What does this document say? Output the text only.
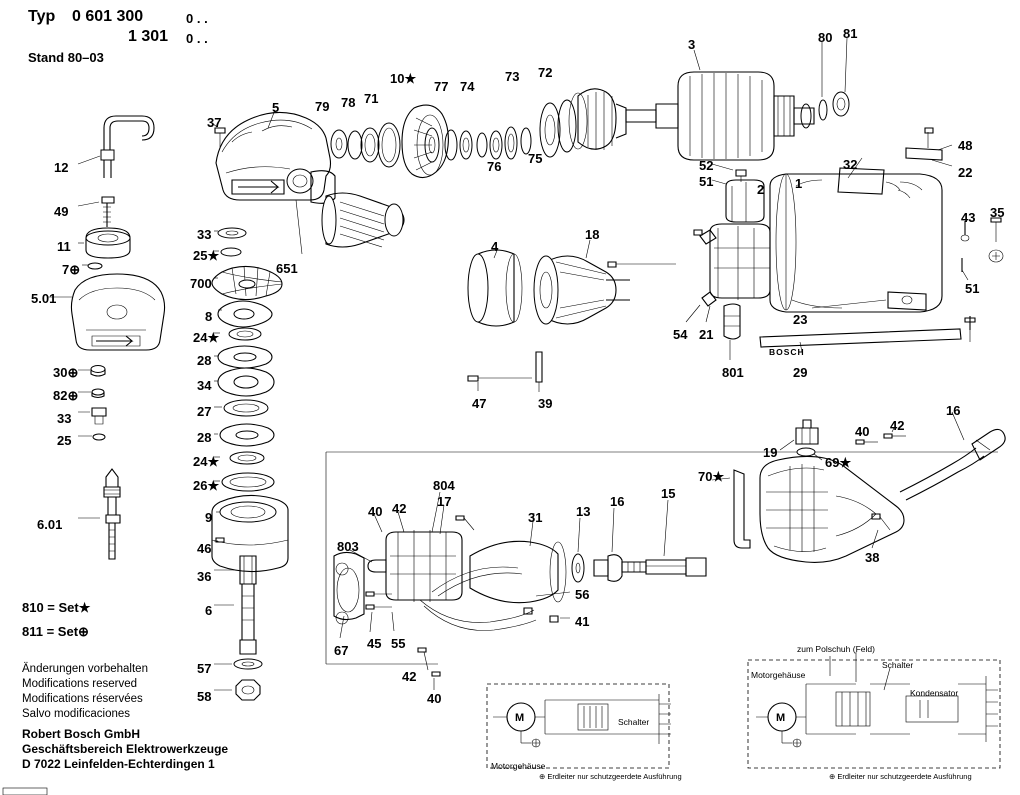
Typ 0 601 300	0 . .
1 301 0 . .
Stand 80–03
810 = Set★
811 = Set⊕
Änderungen vorbehalten
Modifications reserved
Modifications réservées
Salvo modificaciones
Robert Bosch GmbH
Geschäftsbereich Elektrowerkzeuge
D 7022 Leinfelden-Echterdingen 1
BOSCH
M
Motorgehäuse
Schalter
⊕ Erdleiter nur schutzgeerdete Ausführung
M
zum Polschuh (Feld)
Motorgehäuse
Schalter
Kondensator
⊕ Erdleiter nur schutzgeerdete Ausführung
12
49
11
7⊕
5.01
30⊕
82⊕
33
25
6.01
37
5	79 78 71
10★
77 74
73 72
76
75
3	80 81
48
22
32
1
2
52
51
43 35
51
23
29
801
54 21
18
4
47	39
33
25★
700
8
24★
28
34
27
28
24★
26★
9
46
36
6
57
58
651
804
17
803
40 42
31	13
16
15
70★
19
69★
40 42
16
38
56
41
67 45 55
42
40
